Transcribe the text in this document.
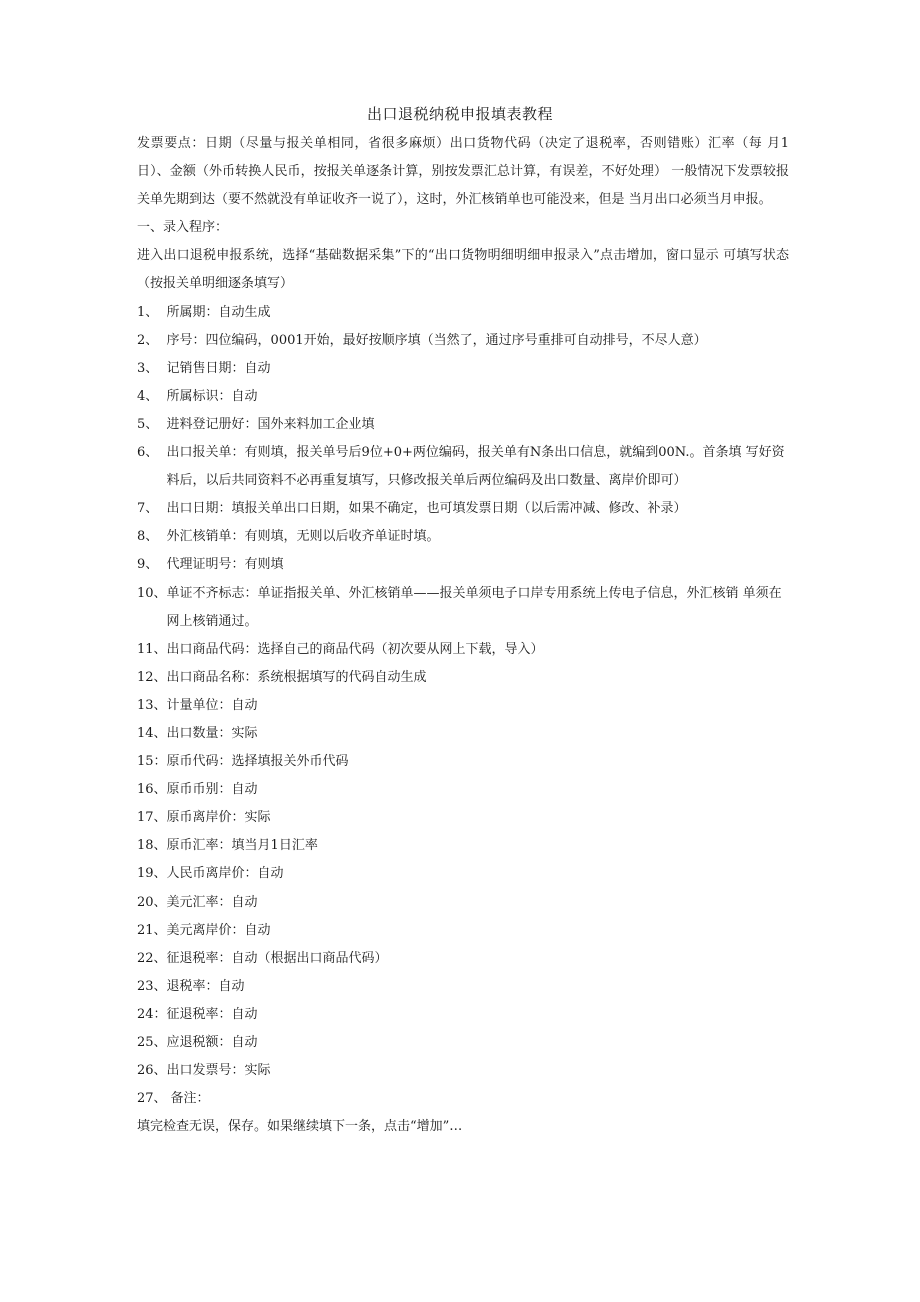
出口退税纳税申报填表教程

发票要点：日期（尽量与报关单相同，省很多麻烦）出口货物代码（决定了退税率，否则错账）汇率（每 月1日）、金额（外币转换人民币，按报关单逐条计算，别按发票汇总计算，有误差，不好处理） 一般情况下发票较报关单先期到达（要不然就没有单证收齐一说了），这时，外汇核销单也可能没来，但是 当月出口必须当月申报。

一、录入程序：

进入出口退税申报系统，选择“基础数据采集”下的“出口货物明细明细申报录入”点击增加，窗口显示 可填写状态（按报关单明细逐条填写）

1、 所属期：自动生成
2、 序号：四位编码，0001开始，最好按顺序填（当然了，通过序号重排可自动排号，不尽人意）
3、 记销售日期：自动
4、 所属标识：自动
5、 进料登记册好：国外来料加工企业填
6、 出口报关单：有则填，报关单号后9位+0+两位编码，报关单有N条出口信息，就编到00N.。首条填 写好资料后，以后共同资料不必再重复填写，只修改报关单后两位编码及出口数量、离岸价即可）
7、 出口日期：填报关单出口日期，如果不确定，也可填发票日期（以后需冲减、修改、补录）
8、 外汇核销单：有则填，无则以后收齐单证时填。
9、 代理证明号：有则填
10、 单证不齐标志：单证指报关单、外汇核销单——报关单须电子口岸专用系统上传电子信息，外汇核销 单须在网上核销通过。
11、 出口商品代码：选择自己的商品代码（初次要从网上下载，导入）
12、 出口商品名称：系统根据填写的代码自动生成
13、 计量单位：自动
14、 出口数量：实际
15： 原币代码：选择填报关外币代码
16、 原币币别：自动
17、 原币离岸价：实际
18、 原币汇率：填当月1日汇率
19、 人民币离岸价：自动
20、 美元汇率：自动
21、 美元离岸价：自动
22、 征退税率：自动（根据出口商品代码）
23、 退税率：自动
24： 征退税率：自动
25、 应退税额：自动
26、 出口发票号：实际
27、 备注：

填完检查无误，保存。如果继续填下一条，点击“增加”…
